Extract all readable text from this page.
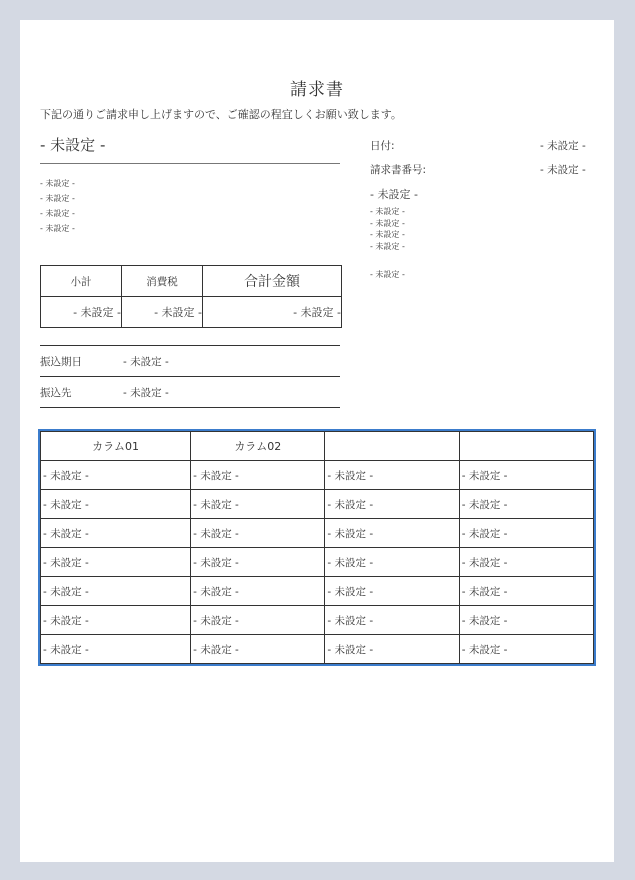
請求書
下記の通りご請求申し上げますので、ご確認の程宜しくお願い致します。
- 未設定 -
- 未設定 -
- 未設定 -
- 未設定 -
- 未設定 -
日付:	- 未設定 -
請求書番号:	- 未設定 -
- 未設定 -
- 未設定 -
- 未設定 -
- 未設定 -
- 未設定 -
- 未設定 -
小計	消費税	合計金額
- 未設定 -	- 未設定 -	- 未設定 -
振込期日	- 未設定 -
振込先	- 未設定 -
カラム01	カラム02		
- 未設定 -	- 未設定 -	- 未設定 -	- 未設定 -
- 未設定 -	- 未設定 -	- 未設定 -	- 未設定 -
- 未設定 -	- 未設定 -	- 未設定 -	- 未設定 -
- 未設定 -	- 未設定 -	- 未設定 -	- 未設定 -
- 未設定 -	- 未設定 -	- 未設定 -	- 未設定 -
- 未設定 -	- 未設定 -	- 未設定 -	- 未設定 -
- 未設定 -	- 未設定 -	- 未設定 -	- 未設定 -
